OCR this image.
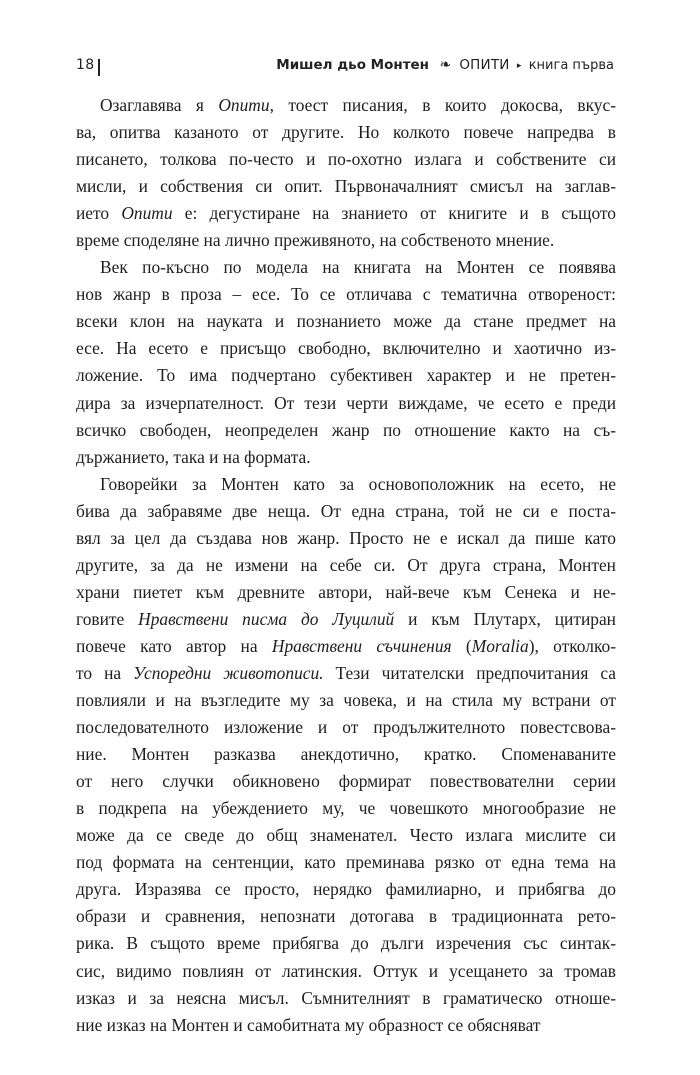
18	Мишел дьо Монтен ❧ ОПИТИ ▸ книга първа
Озаглавява я Опити, тоест писания, в които докосва, вкус-
ва, опитва казаното от другите. Но колкото повече напредва в
писането, толкова по-често и по-охотно излага и собствените си
мисли, и собствения си опит. Първоначалният смисъл на заглав-
ието Опити е: дегустиране на знанието от книгите и в същото
време споделяне на лично преживяното, на собственото мнение.
Век по-късно по модела на книгата на Монтен се появява
нов жанр в проза – есе. То се отличава с тематична отвореност:
всеки клон на науката и познанието може да стане предмет на
есе. На есето е присъщо свободно, включително и хаотично из-
ложение. То има подчертано субективен характер и не претен-
дира за изчерпателност. От тези черти виждаме, че есето е преди
всичко свободен, неопределен жанр по отношение както на съ-
държанието, така и на формата.
Говорейки за Монтен като за основоположник на есето, не
бива да забравяме две неща. От една страна, той не си е поста-
вял за цел да създава нов жанр. Просто не е искал да пише като
другите, за да не измени на себе си. От друга страна, Монтен
храни пиетет към древните автори, най-вече към Сенека и не-
говите Нравствени писма до Луцилий и към Плутарх, цитиран
повече като автор на Нравствени съчинения (Moralia), отколко-
то на Успоредни животописи. Тези читателски предпочитания са
повлияли и на възгледите му за човека, и на стила му встрани от
последователното изложение и от продължителното повестсвова-
ние. Монтен разказва анекдотично, кратко. Споменаваните
от него случки обикновено формират повествователни серии
в подкрепа на убеждението му, че човешкото многообразие не
може да се сведе до общ знаменател. Често излага мислите си
под формата на сентенции, като преминава рязко от една тема на
друга. Изразява се просто, нерядко фамилиарно, и прибягва до
образи и сравнения, непознати дотогава в традиционната рето-
рика. В същото време прибягва до дълги изречения със синтак-
сис, видимо повлиян от латинския. Оттук и усещането за тромав
изказ и за неясна мисъл. Съмнителният в граматическо отноше-
ние изказ на Монтен и самобитната му образност се обясняват
